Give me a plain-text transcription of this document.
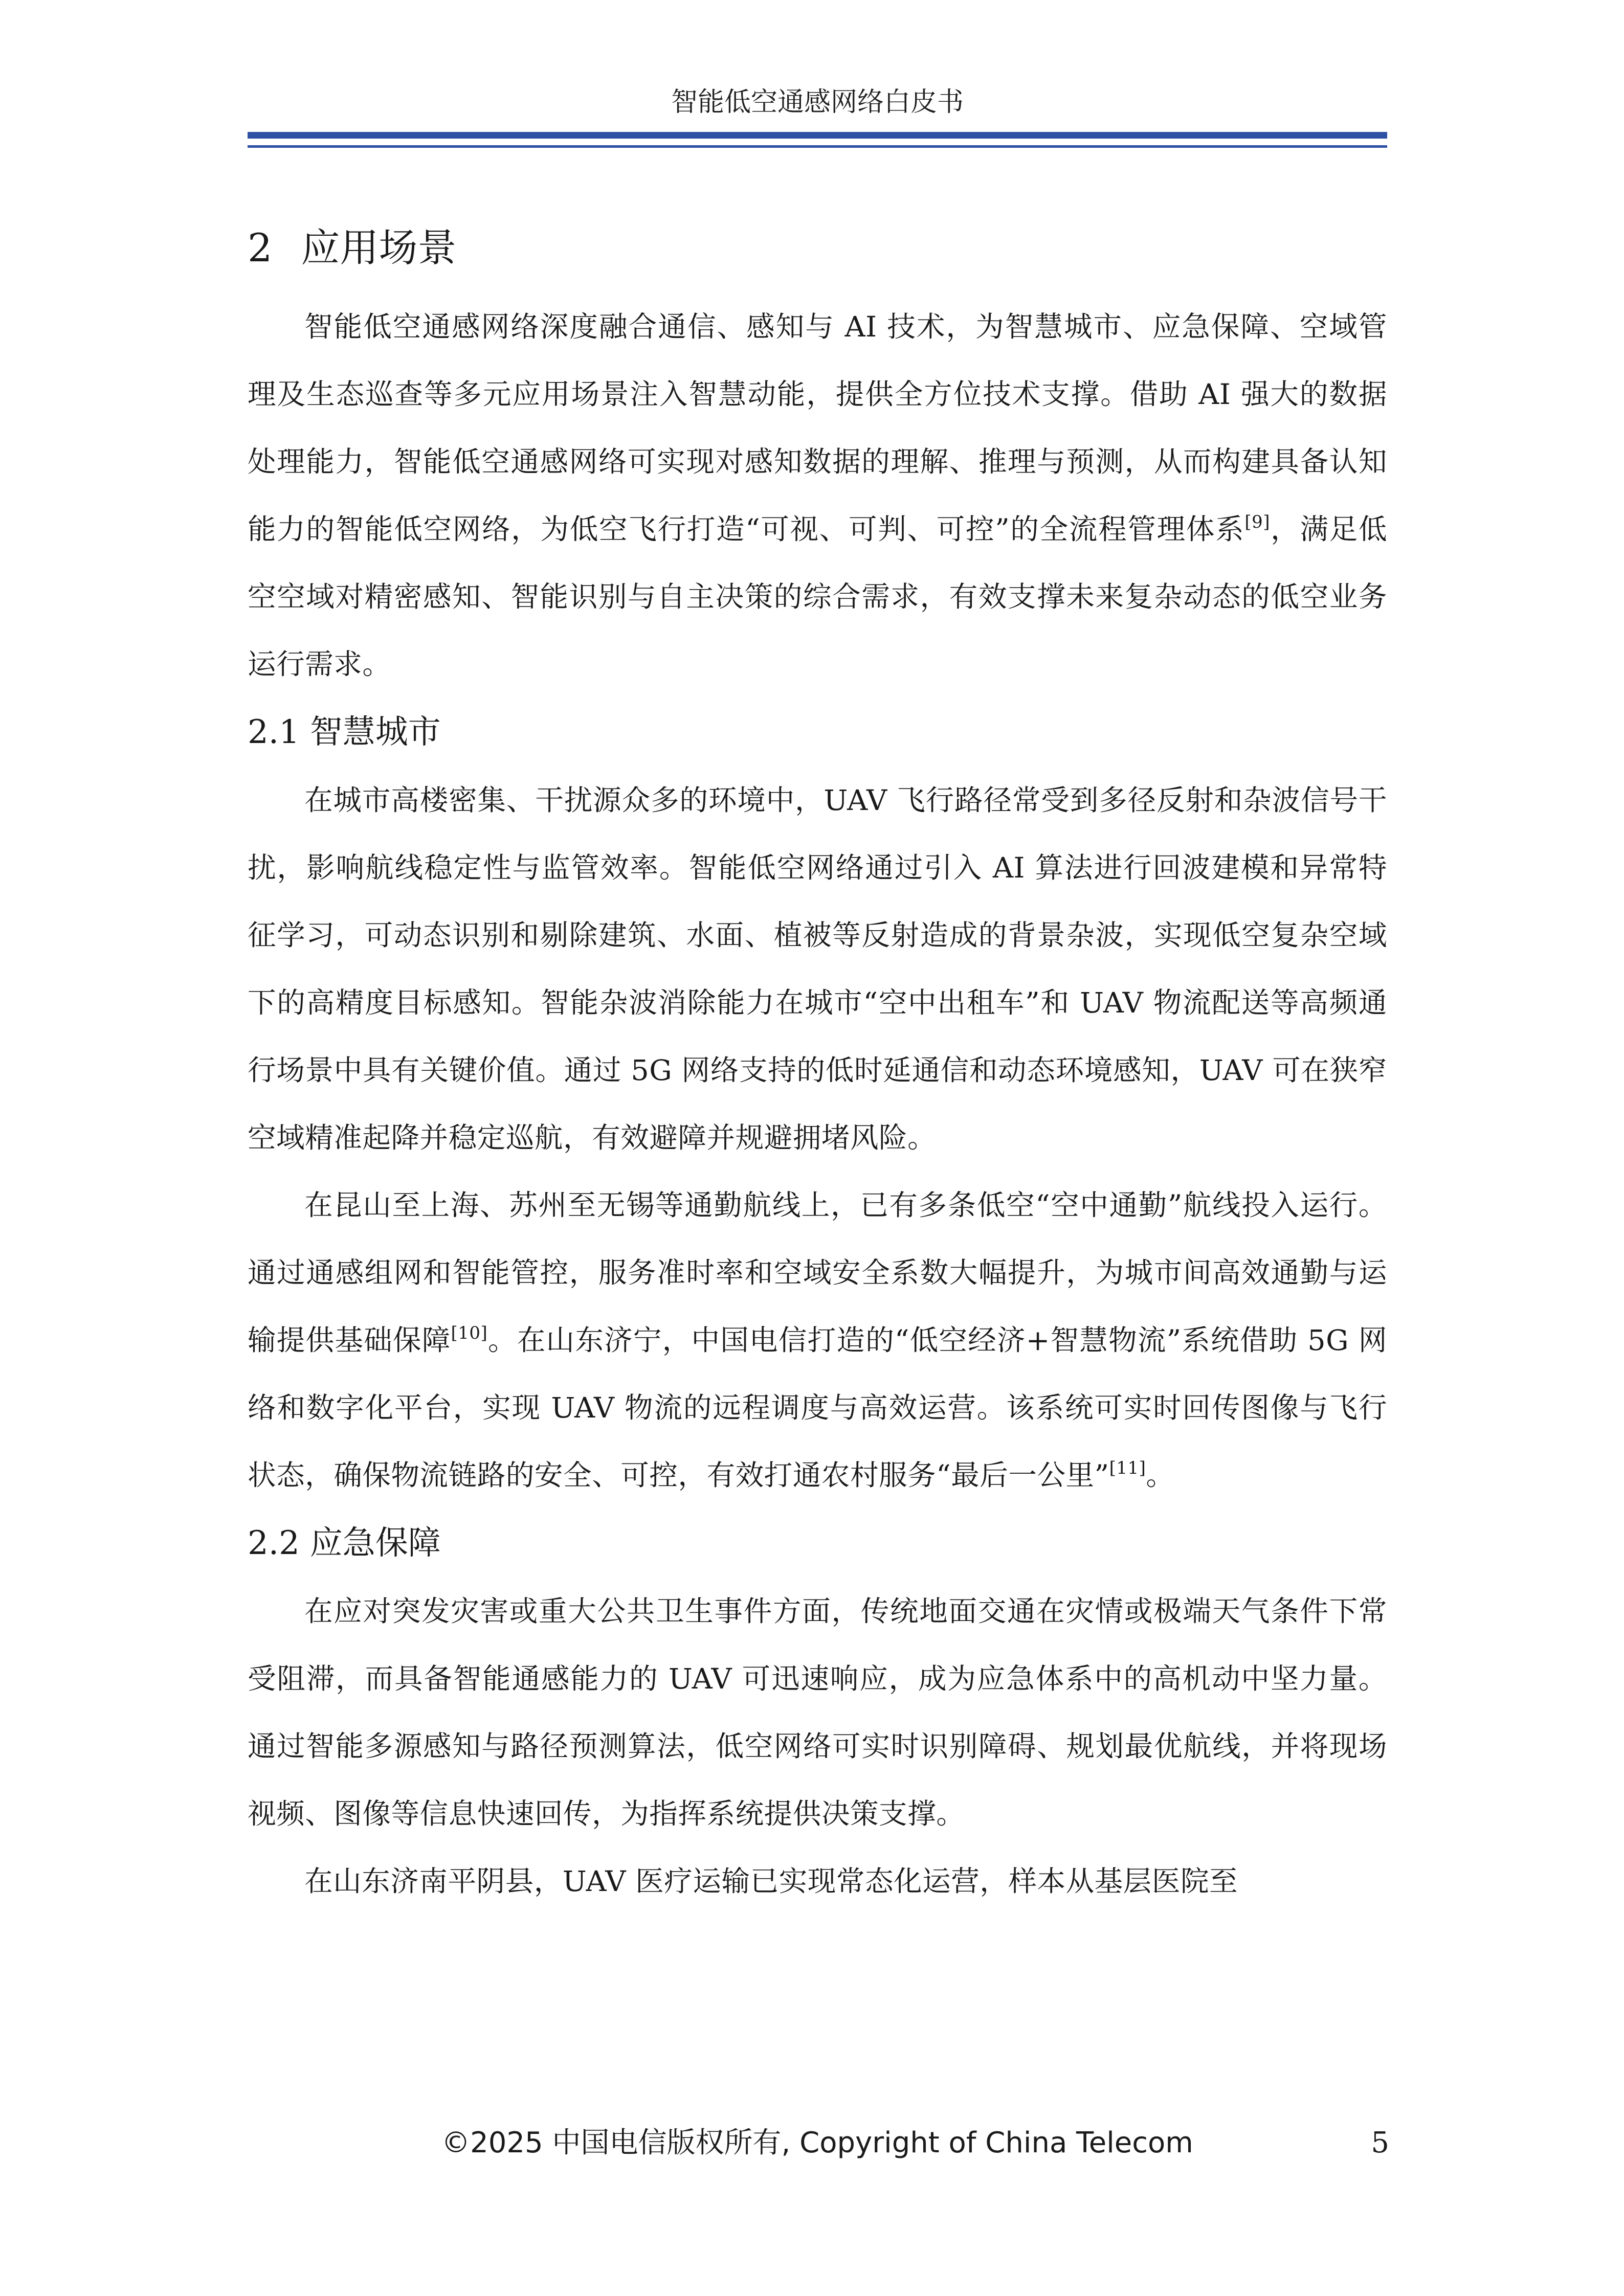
智能低空通感网络白皮书
2 应用场景

智能低空通感网络深度融合通信、感知与 AI 技术，为智慧城市、应急保障、空域管理及生态巡查等多元应用场景注入智慧动能，提供全方位技术支撑。借助 AI 强大的数据处理能力，智能低空通感网络可实现对感知数据的理解、推理与预测，从而构建具备认知能力的智能低空网络，为低空飞行打造“可视、可判、可控”的全流程管理体系[9]，满足低空空域对精密感知、智能识别与自主决策的综合需求，有效支撑未来复杂动态的低空业务运行需求。

2.1 智慧城市

在城市高楼密集、干扰源众多的环境中，UAV 飞行路径常受到多径反射和杂波信号干扰，影响航线稳定性与监管效率。智能低空网络通过引入 AI 算法进行回波建模和异常特征学习，可动态识别和剔除建筑、水面、植被等反射造成的背景杂波，实现低空复杂空域下的高精度目标感知。智能杂波消除能力在城市“空中出租车”和 UAV 物流配送等高频通行场景中具有关键价值。通过 5G 网络支持的低时延通信和动态环境感知，UAV 可在狭窄空域精准起降并稳定巡航，有效避障并规避拥堵风险。

在昆山至上海、苏州至无锡等通勤航线上，已有多条低空“空中通勤”航线投入运行。通过通感组网和智能管控，服务准时率和空域安全系数大幅提升，为城市间高效通勤与运输提供基础保障[10]。在山东济宁，中国电信打造的“低空经济+智慧物流”系统借助 5G 网络和数字化平台，实现 UAV 物流的远程调度与高效运营。该系统可实时回传图像与飞行状态，确保物流链路的安全、可控，有效打通农村服务“最后一公里”[11]。

2.2 应急保障

在应对突发灾害或重大公共卫生事件方面，传统地面交通在灾情或极端天气条件下常受阻滞，而具备智能通感能力的 UAV 可迅速响应，成为应急体系中的高机动中坚力量。通过智能多源感知与路径预测算法，低空网络可实时识别障碍、规划最优航线，并将现场视频、图像等信息快速回传，为指挥系统提供决策支撑。

在山东济南平阴县，UAV 医疗运输已实现常态化运营，样本从基层医院至

©2025 中国电信版权所有, Copyright of China Telecom	5
